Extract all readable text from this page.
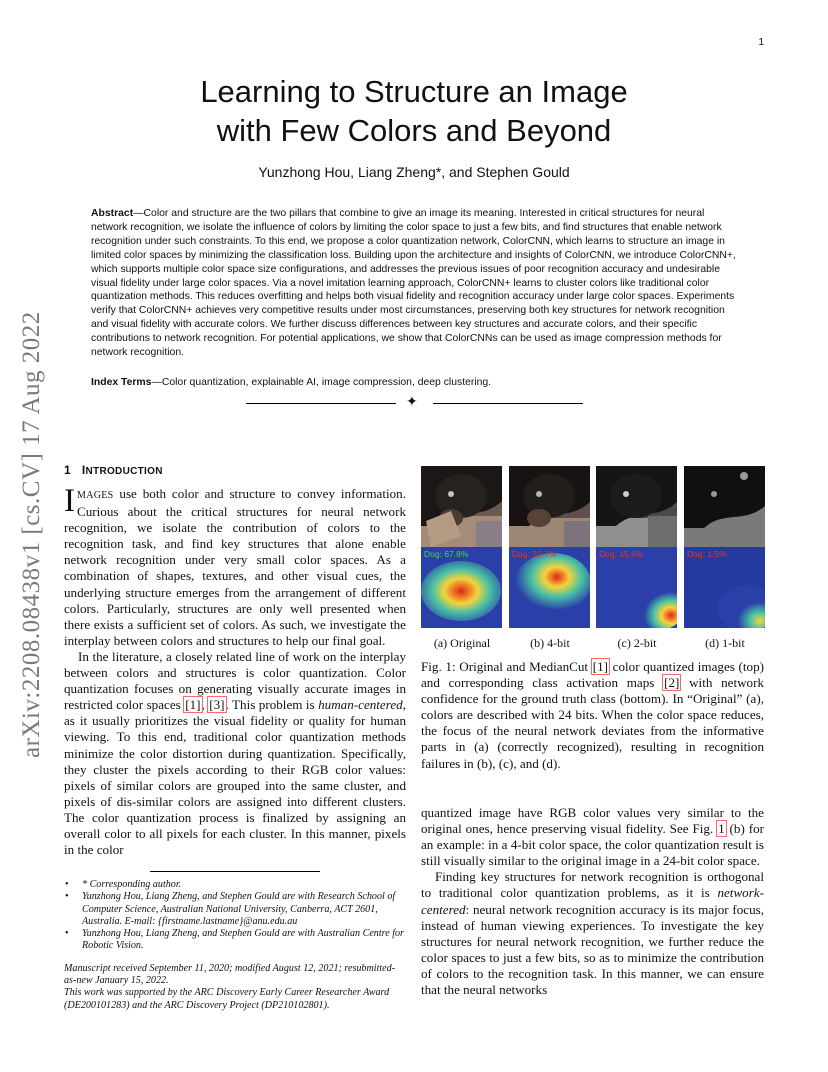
1
arXiv:2208.08438v1 [cs.CV] 17 Aug 2022
Learning to Structure an Image
with Few Colors and Beyond
Yunzhong Hou, Liang Zheng*, and Stephen Gould
Abstract—Color and structure are the two pillars that combine to give an image its meaning. Interested in critical structures for neural network recognition, we isolate the influence of colors by limiting the color space to just a few bits, and find structures that enable network recognition under such constraints. To this end, we propose a color quantization network, ColorCNN, which learns to structure an image in limited color spaces by minimizing the classification loss. Building upon the architecture and insights of ColorCNN, we introduce ColorCNN+, which supports multiple color space size configurations, and addresses the previous issues of poor recognition accuracy and undesirable visual fidelity under large color spaces. Via a novel imitation learning approach, ColorCNN+ learns to cluster colors like traditional color quantization methods. This reduces overfitting and helps both visual fidelity and recognition accuracy under large color spaces. Experiments verify that ColorCNN+ achieves very competitive results under most circumstances, preserving both key structures for network recognition and visual fidelity with accurate colors. We further discuss differences between key structures and accurate colors, and their specific contributions to network recognition. For potential applications, we show that ColorCNNs can be used as image compression methods for network recognition.
Index Terms—Color quantization, explainable AI, image compression, deep clustering.
✦
1 INTRODUCTION

IMAGES use both color and structure to convey information. Curious about the critical structures for neural network recognition, we isolate the contribution of colors to the recognition task, and find key structures that alone enable network recognition under very small color spaces. As a combination of shapes, textures, and other visual cues, the underlying structure emerges from the arrangement of different colors. Particularly, structures are only well presented when there exists a sufficient set of colors. As such, we investigate the interplay between colors and structures to help our final goal.

In the literature, a closely related line of work on the interplay between colors and structures is color quantization. Color quantization focuses on generating visually accurate images in restricted color spaces [1], [3]. This problem is human-centered, as it usually prioritizes the visual fidelity or quality for human viewing. To this end, traditional color quantization methods minimize the color distortion during quantization. Specifically, they cluster the pixels according to their RGB color values: pixels of similar colors are grouped into the same cluster, and pixels of dis-similar colors are assigned into different clusters. The color quantization process is finalized by assigning an overall color to all pixels for each cluster. In this manner, pixels in the color

• * Corresponding author.
• Yunzhong Hou, Liang Zheng, and Stephen Gould are with Research School of Computer Science, Australian National University, Canberra, ACT 2601, Australia. E-mail: {firstname.lastname}@anu.edu.au
• Yunzhong Hou, Liang Zheng, and Stephen Gould are with Australian Centre for Robotic Vision.
Manuscript received September 11, 2020; modified August 12, 2021; resubmitted-as-new January 15, 2022.
This work was supported by the ARC Discovery Early Career Researcher Award (DE200101283) and the ARC Discovery Project (DP210102801).
Dog: 67.8%	Dog: 33.7%	Dog: 15.6%	Dog: 1.5%
(a) Original	(b) 4-bit	(c) 2-bit	(d) 1-bit
Fig. 1: Original and MedianCut [1] color quantized images (top) and corresponding class activation maps [2] with network confidence for the ground truth class (bottom). In “Original” (a), colors are described with 24 bits. When the color space reduces, the focus of the neural network deviates from the informative parts in (a) (correctly recognized), resulting in recognition failures in (b), (c), and (d).

quantized image have RGB color values very similar to the original ones, hence preserving visual fidelity. See Fig. 1 (b) for an example: in a 4-bit color space, the color quantization result is still visually similar to the original image in a 24-bit color space.

Finding key structures for network recognition is orthogonal to traditional color quantization problems, as it is network-centered: neural network recognition accuracy is its major focus, instead of human viewing experiences. To investigate the key structures for neural network recognition, we further reduce the color spaces to just a few bits, so as to minimize the contribution of colors to the recognition task. In this manner, we can ensure that the neural networks
